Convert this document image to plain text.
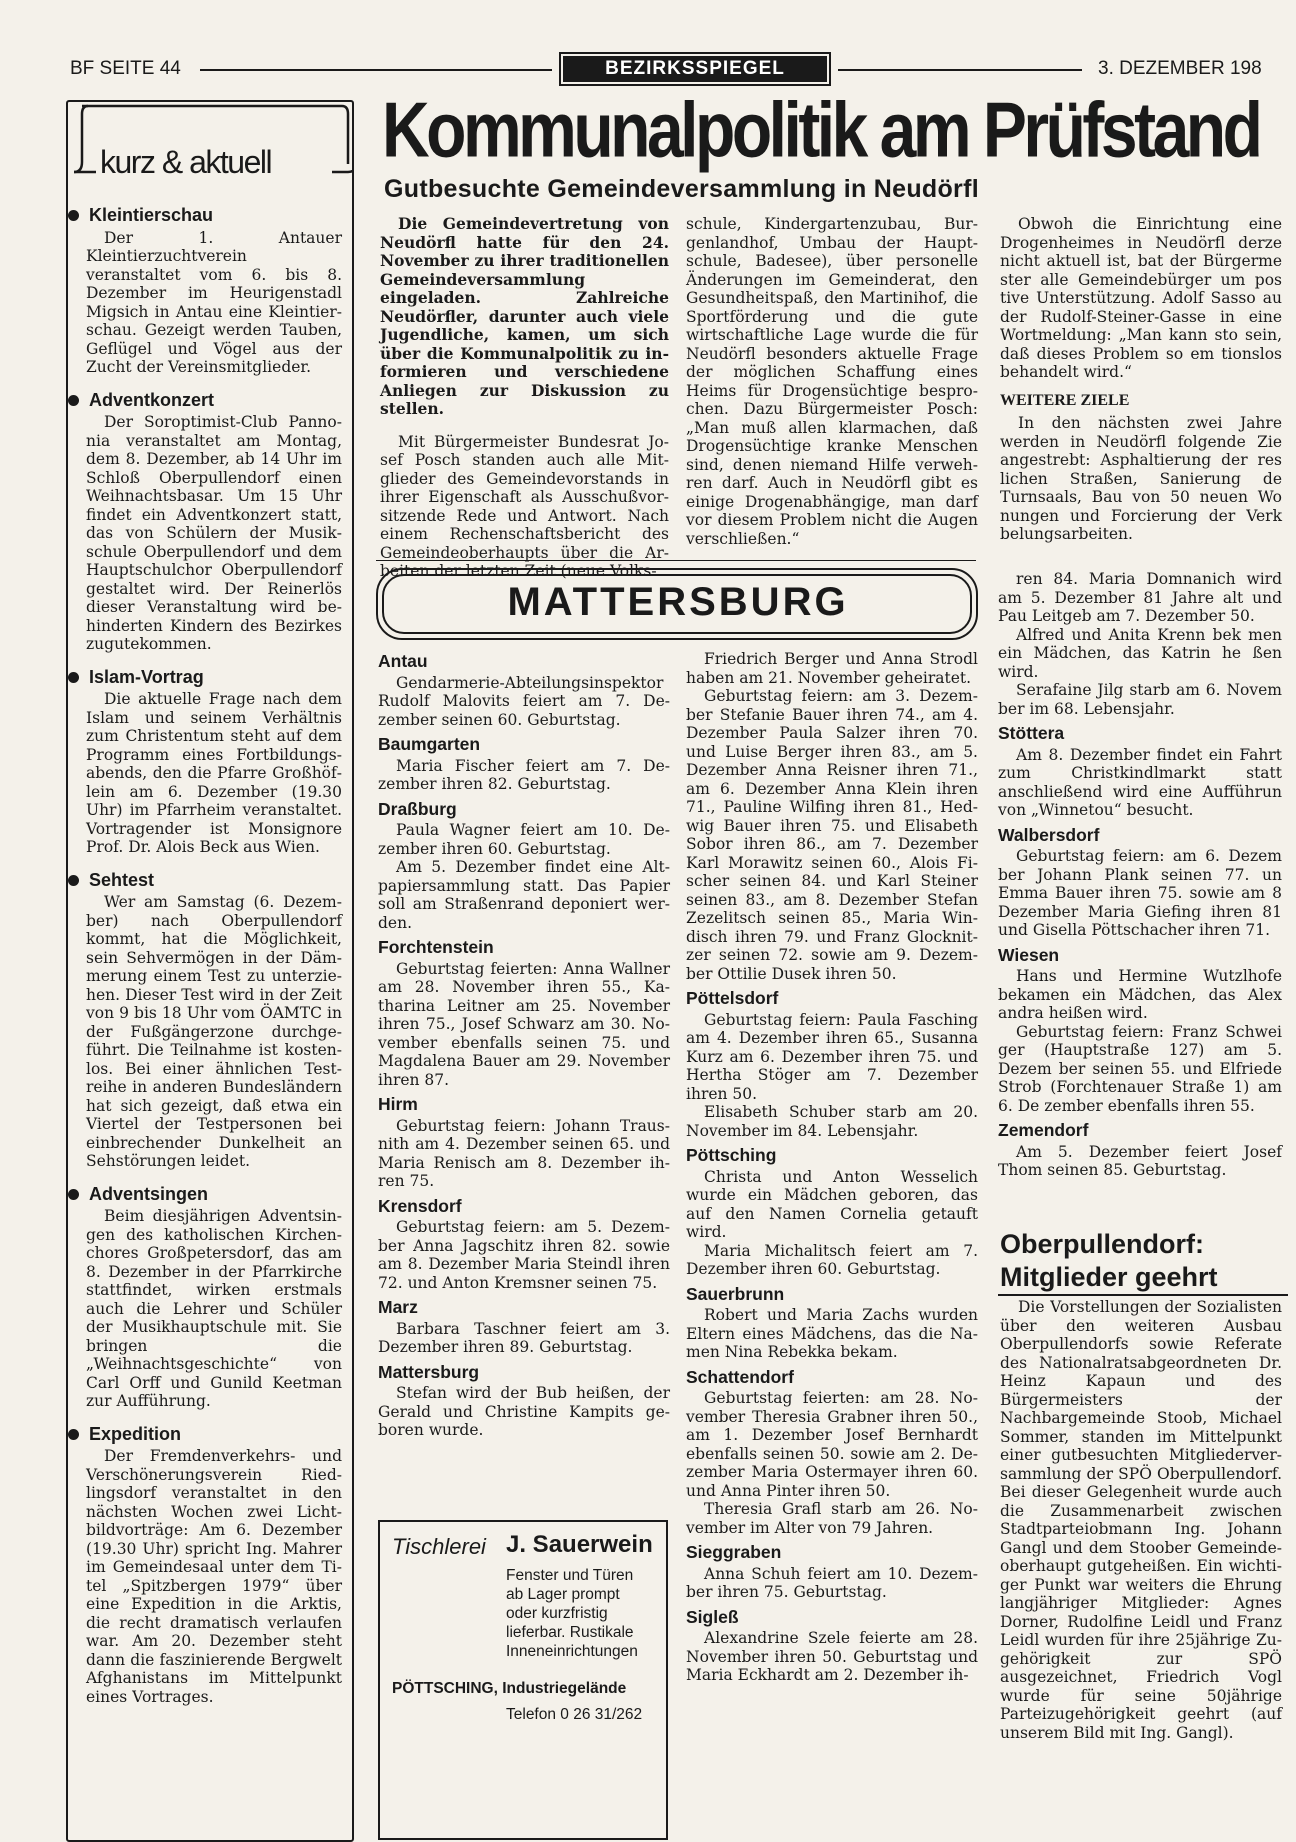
BF SEITE 44	BEZIRKSSPIEGEL	3. DEZEMBER 198
kurz & aktuell
Kleintierschau

Der 1. Antauer Kleintierzuchtverein veranstaltet vom 6. bis 8. Dezember im Heurigenstadl Migsich in Antau eine Kleintierschau. Gezeigt werden Tauben, Geflügel und Vögel aus der Zucht der Vereinsmitglieder.

Adventkonzert

Der Soroptimist-Club Pannonia veranstaltet am Montag, dem 8. Dezember, ab 14 Uhr im Schloß Oberpullendorf einen Weihnachtsbasar. Um 15 Uhr findet ein Adventkonzert statt, das von Schülern der Musikschule Oberpullendorf und dem Hauptschulchor Oberpullendorf gestaltet wird. Der Reinerlös dieser Veranstaltung wird behinderten Kindern des Bezirkes zugutekommen.

Islam-Vortrag

Die aktuelle Frage nach dem Islam und seinem Verhältnis zum Christentum steht auf dem Programm eines Fortbildungsabends, den die Pfarre Großhöflein am 6. Dezember (19.30 Uhr) im Pfarrheim veranstaltet. Vortragender ist Monsignore Prof. Dr. Alois Beck aus Wien.

Sehtest

Wer am Samstag (6. Dezember) nach Oberpullendorf kommt, hat die Möglichkeit, sein Sehvermögen in der Dämmerung einem Test zu unterziehen. Dieser Test wird in der Zeit von 9 bis 18 Uhr vom ÖAMTC in der Fußgängerzone durchgeführt. Die Teilnahme ist kostenlos. Bei einer ähnlichen Testreihe in anderen Bundesländern hat sich gezeigt, daß etwa ein Viertel der Testpersonen bei einbrechender Dunkelheit an Sehstörungen leidet.

Adventsingen

Beim diesjährigen Adventsingen des katholischen Kirchenchores Großpetersdorf, das am 8. Dezember in der Pfarrkirche stattfindet, wirken erstmals auch die Lehrer und Schüler der Musikhauptschule mit. Sie bringen die „Weihnachtsgeschichte“ von Carl Orff und Gunild Keetman zur Aufführung.

Expedition

Der Fremdenverkehrs- und Verschönerungsverein Riedlingsdorf veranstaltet in den nächsten Wochen zwei Lichtbildvorträge: Am 6. Dezember (19.30 Uhr) spricht Ing. Mahrer im Gemeindesaal unter dem Titel „Spitzbergen 1979“ über eine Expedition in die Arktis, die recht dramatisch verlaufen war. Am 20. Dezember steht dann die faszinierende Bergwelt Afghanistans im Mittelpunkt eines Vortrages.

Kommunalpolitik am Prüfstand
Gutbesuchte Gemeindeversammlung in Neudörfl

Die Gemeindevertretung von Neudörfl hatte für den 24. November zu ihrer traditionellen Gemeindeversammlung eingeladen. Zahlreiche Neudörfler, darunter auch viele Jugendliche, kamen, um sich über die Kommunalpolitik zu informieren und verschiedene Anliegen zur Diskussion zu stellen.

Mit Bürgermeister Bundesrat Josef Posch standen auch alle Mitglieder des Gemeindevorstands in ihrer Eigenschaft als Ausschußvorsitzende Rede und Antwort. Nach einem Rechenschaftsbericht des Gemeindeoberhaupts über die Arbeiten der letzten Zeit (neue Volks-

schule, Kindergartenzubau, Burgenlandhof, Umbau der Hauptschule, Badesee), über personelle Änderungen im Gemeinderat, den Gesundheitspaß, den Martinihof, die Sportförderung und die gute wirtschaftliche Lage wurde die für Neudörfl besonders aktuelle Frage der möglichen Schaffung eines Heims für Drogensüchtige besprochen. Dazu Bürgermeister Posch: „Man muß allen klarmachen, daß Drogensüchtige kranke Menschen sind, denen niemand Hilfe verwehren darf. Auch in Neudörfl gibt es einige Drogenabhängige, man darf vor diesem Problem nicht die Augen verschließen.“

Obwoh die Einrichtung eine Drogenheimes in Neudörfl derze nicht aktuell ist, bat der Bürgerme ster alle Gemeindebürger um pos tive Unterstützung. Adolf Sasso au der Rudolf-Steiner-Gasse in eine Wortmeldung: „Man kann sto sein, daß dieses Problem so em tionslos behandelt wird.“

WEITERE ZIELE

In den nächsten zwei Jahre werden in Neudörfl folgende Zie angestrebt: Asphaltierung der res lichen Straßen, Sanierung de Turnsaals, Bau von 50 neuen Wo nungen und Forcierung der Verk belungsarbeiten.

MATTERSBURG
Antau

Gendarmerie-Abteilungsinspektor Rudolf Malovits feiert am 7. Dezember seinen 60. Geburtstag.

Baumgarten

Maria Fischer feiert am 7. Dezember ihren 82. Geburtstag.

Draßburg

Paula Wagner feiert am 10. Dezember ihren 60. Geburtstag.

Am 5. Dezember findet eine Altpapiersammlung statt. Das Papier soll am Straßenrand deponiert werden.

Forchtenstein

Geburtstag feierten: Anna Wallner am 28. November ihren 55., Katharina Leitner am 25. November ihren 75., Josef Schwarz am 30. November ebenfalls seinen 75. und Magdalena Bauer am 29. November ihren 87.

Hirm

Geburtstag feiern: Johann Trausnith am 4. Dezember seinen 65. und Maria Renisch am 8. Dezember ihren 75.

Krensdorf

Geburtstag feiern: am 5. Dezember Anna Jagschitz ihren 82. sowie am 8. Dezember Maria Steindl ihren 72. und Anton Kremsner seinen 75.

Marz

Barbara Taschner feiert am 3. Dezember ihren 89. Geburtstag.

Mattersburg

Stefan wird der Bub heißen, der Gerald und Christine Kampits geboren wurde.

Friedrich Berger und Anna Strodl haben am 21. November geheiratet.

Geburtstag feiern: am 3. Dezember Stefanie Bauer ihren 74., am 4. Dezember Paula Salzer ihren 70. und Luise Berger ihren 83., am 5. Dezember Anna Reisner ihren 71., am 6. Dezember Anna Klein ihren 71., Pauline Wilfing ihren 81., Hedwig Bauer ihren 75. und Elisabeth Sobor ihren 86., am 7. Dezember Karl Morawitz seinen 60., Alois Fischer seinen 84. und Karl Steiner seinen 83., am 8. Dezember Stefan Zezelitsch seinen 85., Maria Windisch ihren 79. und Franz Glocknitzer seinen 72. sowie am 9. Dezember Ottilie Dusek ihren 50.

Pöttelsdorf

Geburtstag feiern: Paula Fasching am 4. Dezember ihren 65., Susanna Kurz am 6. Dezember ihren 75. und Hertha Stöger am 7. Dezember ihren 50.

Elisabeth Schuber starb am 20. November im 84. Lebensjahr.

Pöttsching

Christa und Anton Wesselich wurde ein Mädchen geboren, das auf den Namen Cornelia getauft wird.

Maria Michalitsch feiert am 7. Dezember ihren 60. Geburtstag.

Sauerbrunn

Robert und Maria Zachs wurden Eltern eines Mädchens, das die Namen Nina Rebekka bekam.

Schattendorf

Geburtstag feierten: am 28. November Theresia Grabner ihren 50., am 1. Dezember Josef Bernhardt ebenfalls seinen 50. sowie am 2. Dezember Maria Ostermayer ihren 60. und Anna Pinter ihren 50.

Theresia Grafl starb am 26. November im Alter von 79 Jahren.

Sieggraben

Anna Schuh feiert am 10. Dezember ihren 75. Geburtstag.

Sigleß

Alexandrine Szele feierte am 28. November ihren 50. Geburtstag und Maria Eckhardt am 2. Dezember ih-

ren 84. Maria Domnanich wird am 5. Dezember 81 Jahre alt und Pau Leitgeb am 7. Dezember 50.

Alfred und Anita Krenn bek men ein Mädchen, das Katrin he ßen wird.

Serafaine Jilg starb am 6. Novem ber im 68. Lebensjahr.

Stöttera

Am 8. Dezember findet ein Fahrt zum Christkindlmarkt statt anschließend wird eine Aufführun von „Winnetou“ besucht.

Walbersdorf

Geburtstag feiern: am 6. Dezem ber Johann Plank seinen 77. un Emma Bauer ihren 75. sowie am 8 Dezember Maria Giefing ihren 81 und Gisella Pöttschacher ihren 71.

Wiesen

Hans und Hermine Wutzlhofe bekamen ein Mädchen, das Alex andra heißen wird.

Geburtstag feiern: Franz Schwei ger (Hauptstraße 127) am 5. Dezem ber seinen 55. und Elfriede Strob (Forchtenauer Straße 1) am 6. De zember ebenfalls ihren 55.

Zemendorf

Am 5. Dezember feiert Josef Thom seinen 85. Geburtstag.

Tischlerei J. Sauerwein
Fenster und Türen
ab Lager prompt
oder kurzfristig
lieferbar. Rustikale
Inneneinrichtungen
PÖTTSCHING, Industriegelände
Telefon 0 26 31/262
Oberpullendorf: Mitglieder geehrt

Die Vorstellungen der Sozialisten über den weiteren Ausbau Oberpullendorfs sowie Referate des Nationalratsabgeordneten Dr. Heinz Kapaun und des Bürgermeisters der Nachbargemeinde Stoob, Michael Sommer, standen im Mittelpunkt einer gutbesuchten Mitgliederversammlung der SPÖ Oberpullendorf. Bei dieser Gelegenheit wurde auch die Zusammenarbeit zwischen Stadtparteiobmann Ing. Johann Gangl und dem Stoober Gemeindeoberhaupt gutgeheißen. Ein wichtiger Punkt war weiters die Ehrung langjähriger Mitglieder: Agnes Dorner, Rudolfine Leidl und Franz Leidl wurden für ihre 25jährige Zugehörigkeit zur SPÖ ausgezeichnet, Friedrich Vogl wurde für seine 50jährige Parteizugehörigkeit geehrt (auf unserem Bild mit Ing. Gangl).
